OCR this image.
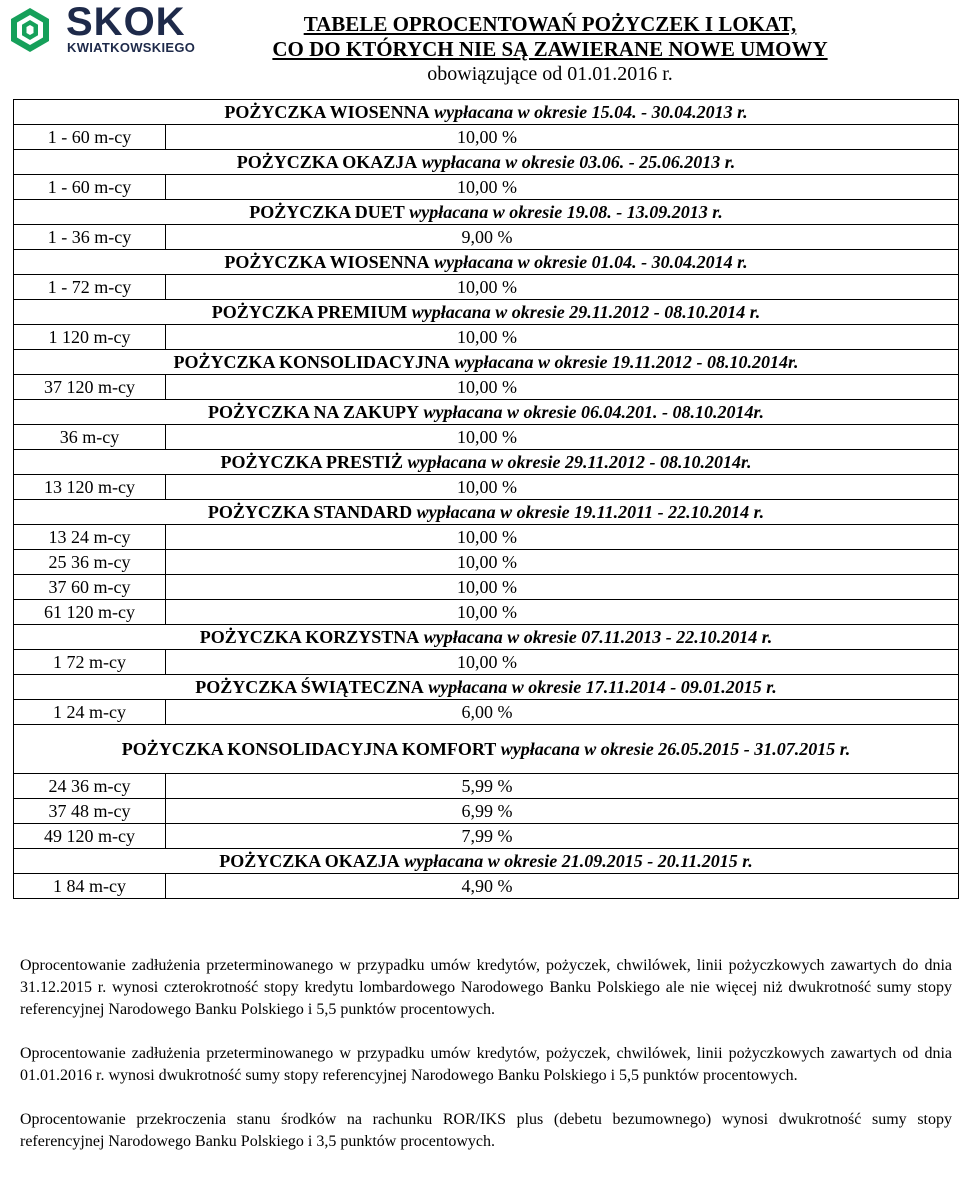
SKOK
KWIATKOWSKIEGO
TABELE OPROCENTOWAŃ POŻYCZEK I LOKAT,
CO DO KTÓRYCH NIE SĄ ZAWIERANE NOWE UMOWY
obowiązujące od 01.01.2016 r.
POŻYCZKA WIOSENNA wypłacana w okresie 15.04. - 30.04.2013 r.	
1 - 60 m-cy	10,00 %
POŻYCZKA OKAZJA wypłacana w okresie 03.06. - 25.06.2013 r.	
1 - 60 m-cy	10,00 %
POŻYCZKA DUET wypłacana w okresie 19.08. - 13.09.2013 r.	
1 - 36 m-cy	9,00 %
POŻYCZKA WIOSENNA wypłacana w okresie 01.04. - 30.04.2014 r.	
1 - 72 m-cy	10,00 %
POŻYCZKA PREMIUM wypłacana w okresie 29.11.2012 - 08.10.2014 r.	
1 120 m-cy	10,00 %
POŻYCZKA KONSOLIDACYJNA wypłacana w okresie 19.11.2012 - 08.10.2014r.	
37 120 m-cy	10,00 %
POŻYCZKA NA ZAKUPY wypłacana w okresie 06.04.201. - 08.10.2014r.	
36 m-cy	10,00 %
POŻYCZKA PRESTIŻ wypłacana w okresie 29.11.2012 - 08.10.2014r.	
13 120 m-cy	10,00 %
POŻYCZKA STANDARD wypłacana w okresie 19.11.2011 - 22.10.2014 r.	
13 24 m-cy	10,00 %
25 36 m-cy	10,00 %
37 60 m-cy	10,00 %
61 120 m-cy	10,00 %
POŻYCZKA KORZYSTNA wypłacana w okresie 07.11.2013 - 22.10.2014 r.	
1 72 m-cy	10,00 %
POŻYCZKA ŚWIĄTECZNA wypłacana w okresie 17.11.2014 - 09.01.2015 r.	
1 24 m-cy	6,00 %
POŻYCZKA KONSOLIDACYJNA KOMFORT wypłacana w okresie 26.05.2015 - 31.07.2015 r.	
24 36 m-cy	5,99 %
37 48 m-cy	6,99 %
49 120 m-cy	7,99 %
POŻYCZKA OKAZJA wypłacana w okresie 21.09.2015 - 20.11.2015 r.	
1 84 m-cy	4,90 %

Oprocentowanie zadłużenia przeterminowanego w przypadku umów kredytów, pożyczek, chwilówek, linii pożyczkowych zawartych do dnia 31.12.2015 r. wynosi czterokrotność stopy kredytu lombardowego Narodowego Banku Polskiego ale nie więcej niż dwukrotność sumy stopy referencyjnej Narodowego Banku Polskiego i 5,5 punktów procentowych.

Oprocentowanie zadłużenia przeterminowanego w przypadku umów kredytów, pożyczek, chwilówek, linii pożyczkowych zawartych od dnia 01.01.2016 r. wynosi dwukrotność sumy stopy referencyjnej Narodowego Banku Polskiego i 5,5 punktów procentowych.

Oprocentowanie przekroczenia stanu środków na rachunku ROR/IKS plus (debetu bezumownego) wynosi dwukrotność sumy stopy referencyjnej Narodowego Banku Polskiego i 3,5 punktów procentowych.
